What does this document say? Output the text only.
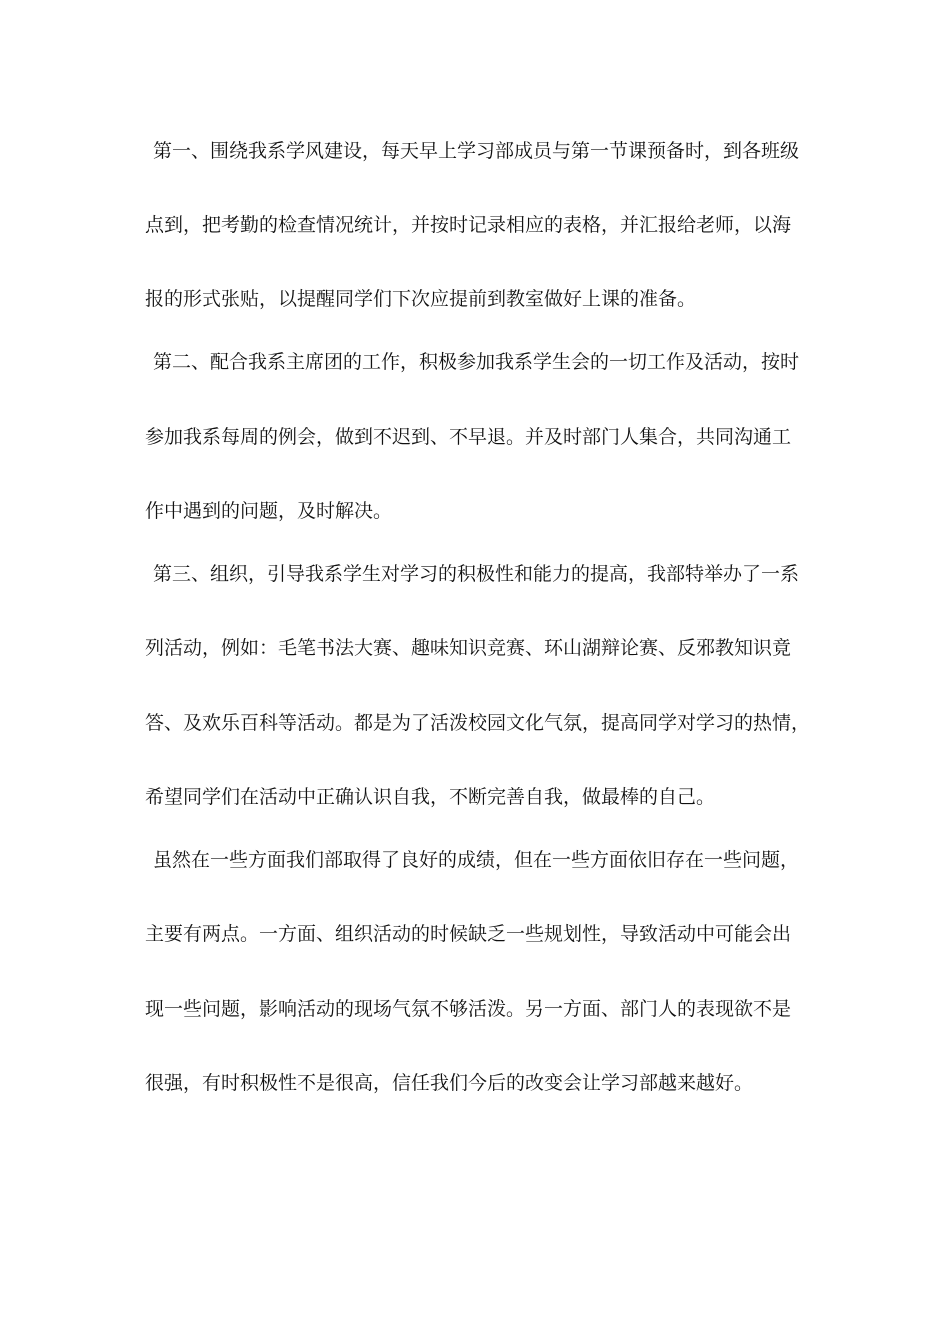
第一、围绕我系学风建设，每天早上学习部成员与第一节课预备时，到各班级
点到，把考勤的检查情况统计，并按时记录相应的表格，并汇报给老师，以海
报的形式张贴，以提醒同学们下次应提前到教室做好上课的准备。
第二、配合我系主席团的工作，积极参加我系学生会的一切工作及活动，按时
参加我系每周的例会，做到不迟到、不早退。并及时部门人集合，共同沟通工
作中遇到的问题，及时解决。
第三、组织，引导我系学生对学习的积极性和能力的提高，我部特举办了一系
列活动，例如：毛笔书法大赛、趣味知识竞赛、环山湖辩论赛、反邪教知识竟
答、及欢乐百科等活动。都是为了活泼校园文化气氛，提高同学对学习的热情，
希望同学们在活动中正确认识自我，不断完善自我，做最棒的自己。
虽然在一些方面我们部取得了良好的成绩，但在一些方面依旧存在一些问题，
主要有两点。一方面、组织活动的时候缺乏一些规划性，导致活动中可能会出
现一些问题，影响活动的现场气氛不够活泼。另一方面、部门人的表现欲不是
很强，有时积极性不是很高，信任我们今后的改变会让学习部越来越好。
